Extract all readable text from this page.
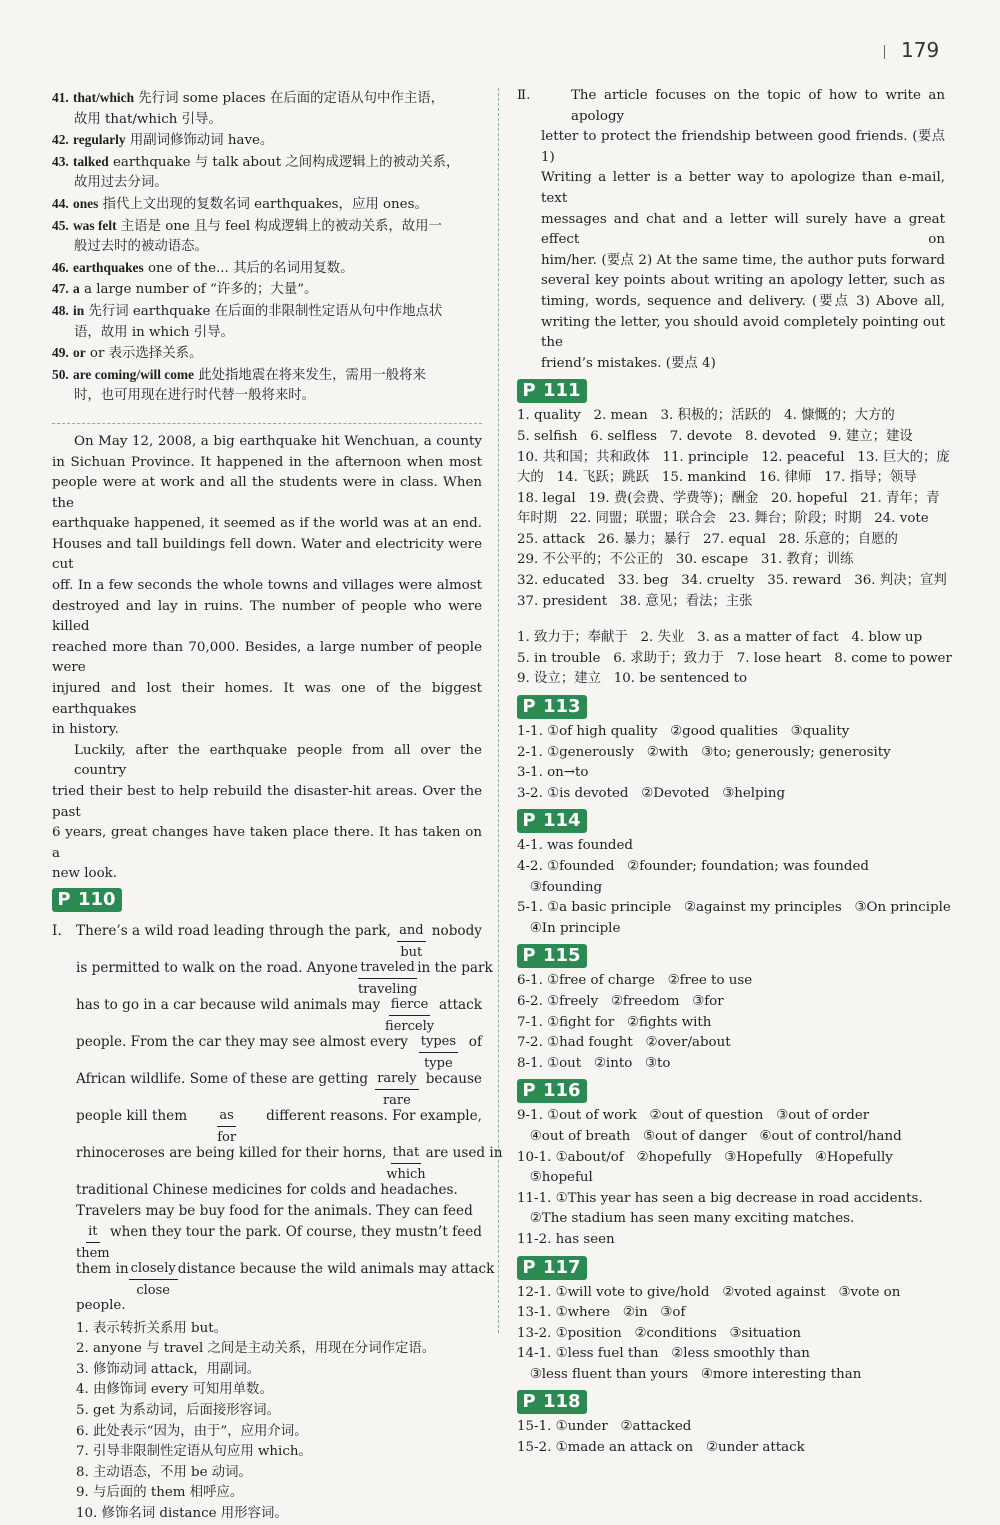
179
41. that/which 先行词 some places 在后面的定语从句中作主语，
故用 that/which 引导。
42. regularly 用副词修饰动词 have。
43. talked earthquake 与 talk about 之间构成逻辑上的被动关系，
故用过去分词。
44. ones 指代上文出现的复数名词 earthquakes，应用 ones。
45. was felt 主语是 one 且与 feel 构成逻辑上的被动关系，故用一
般过去时的被动语态。
46. earthquakes one of the... 其后的名词用复数。
47. a a large number of “许多的；大量”。
48. in 先行词 earthquake 在后面的非限制性定语从句中作地点状
语，故用 in which 引导。
49. or or 表示选择关系。
50. are coming/will come 此处指地震在将来发生，需用一般将来
时，也可用现在进行时代替一般将来时。
On May 12, 2008, a big earthquake hit Wenchuan, a county
in Sichuan Province. It happened in the afternoon when most
people were at work and all the students were in class. When the
earthquake happened, it seemed as if the world was at an end.
Houses and tall buildings fell down. Water and electricity were cut
off. In a few seconds the whole towns and villages were almost
destroyed and lay in ruins. The number of people who were killed
reached more than 70,000. Besides, a large number of people were
injured and lost their homes. It was one of the biggest earthquakes
in history.
Luckily, after the earthquake people from all over the country
tried their best to help rebuild the disaster-hit areas. Over the past
6 years, great changes have taken place there. It has taken on a
new look.
P 110
Ⅰ.	There’s a wild road leading through the park, and
but
nobody
is permitted to walk on the road. Anyone traveled
traveling
in the park
has to go in a car because wild animals may fierce
fiercely
attack
people. From the car they may see almost every types
type
of
African wildlife. Some of these are getting rarely
rare
because
people kill them as
for
different reasons. For example,
rhinoceroses are being killed for their horns, that
which
are used in
traditional Chinese medicines for colds and headaches.
Travelers may be buy food for the animals. They can feed
it
them
when they tour the park. Of course, they mustn’t feed
them in closely
close
distance because the wild animals may attack
people.
1. 表示转折关系用 but。
2. anyone 与 travel 之间是主动关系，用现在分词作定语。
3. 修饰动词 attack，用副词。
4. 由修饰词 every 可知用单数。
5. get 为系动词，后面接形容词。
6. 此处表示“因为，由于”，应用介词。
7. 引导非限制性定语从句应用 which。
8. 主动语态，不用 be 动词。
9. 与后面的 them 相呼应。
10. 修饰名词 distance 用形容词。
Ⅱ.	The article focuses on the topic of how to write an apology
letter to protect the friendship between good friends. (要点 1)
Writing a letter is a better way to apologize than e-mail, text
messages and chat and a letter will surely have a great effect on
him/her. (要点 2) At the same time, the author puts forward
several key points about writing an apology letter, such as
timing, words, sequence and delivery. (要点 3) Above all,
writing the letter, you should avoid completely pointing out the
friend’s mistakes. (要点 4)
P 111
1. quality   2. mean   3. 积极的；活跃的   4. 慷慨的；大方的
5. selfish   6. selfless   7. devote   8. devoted   9. 建立；建设
10. 共和国；共和政体   11. principle   12. peaceful   13. 巨大的；庞
大的   14. 飞跃；跳跃   15. mankind   16. 律师   17. 指导；领导
18. legal   19. 费(会费、学费等)；酬金   20. hopeful   21. 青年；青
年时期   22. 同盟；联盟；联合会   23. 舞台；阶段；时期   24. vote
25. attack   26. 暴力；暴行   27. equal   28. 乐意的；自愿的
29. 不公平的；不公正的   30. escape   31. 教育；训练
32. educated   33. beg   34. cruelty   35. reward   36. 判决；宣判
37. president   38. 意见；看法；主张
1. 致力于；奉献于   2. 失业   3. as a matter of fact   4. blow up
5. in trouble   6. 求助于；致力于   7. lose heart   8. come to power
9. 设立；建立   10. be sentenced to
P 113
1-1. ①of high quality   ②good qualities   ③quality
2-1. ①generously   ②with   ③to; generously; generosity
3-1. on→to
3-2. ①is devoted   ②Devoted   ③helping
P 114
4-1. was founded
4-2. ①founded   ②founder; foundation; was founded
③founding
5-1. ①a basic principle   ②against my principles   ③On principle
④In principle
P 115
6-1. ①free of charge   ②free to use
6-2. ①freely   ②freedom   ③for
7-1. ①fight for   ②fights with
7-2. ①had fought   ②over/about
8-1. ①out   ②into   ③to
P 116
9-1. ①out of work   ②out of question   ③out of order
④out of breath   ⑤out of danger   ⑥out of control/hand
10-1. ①about/of   ②hopefully   ③Hopefully   ④Hopefully
⑤hopeful
11-1. ①This year has seen a big decrease in road accidents.
②The stadium has seen many exciting matches.
11-2. has seen
P 117
12-1. ①will vote to give/hold   ②voted against   ③vote on
13-1. ①where   ②in   ③of
13-2. ①position   ②conditions   ③situation
14-1. ①less fuel than   ②less smoothly than
③less fluent than yours   ④more interesting than
P 118
15-1. ①under   ②attacked
15-2. ①made an attack on   ②under attack
